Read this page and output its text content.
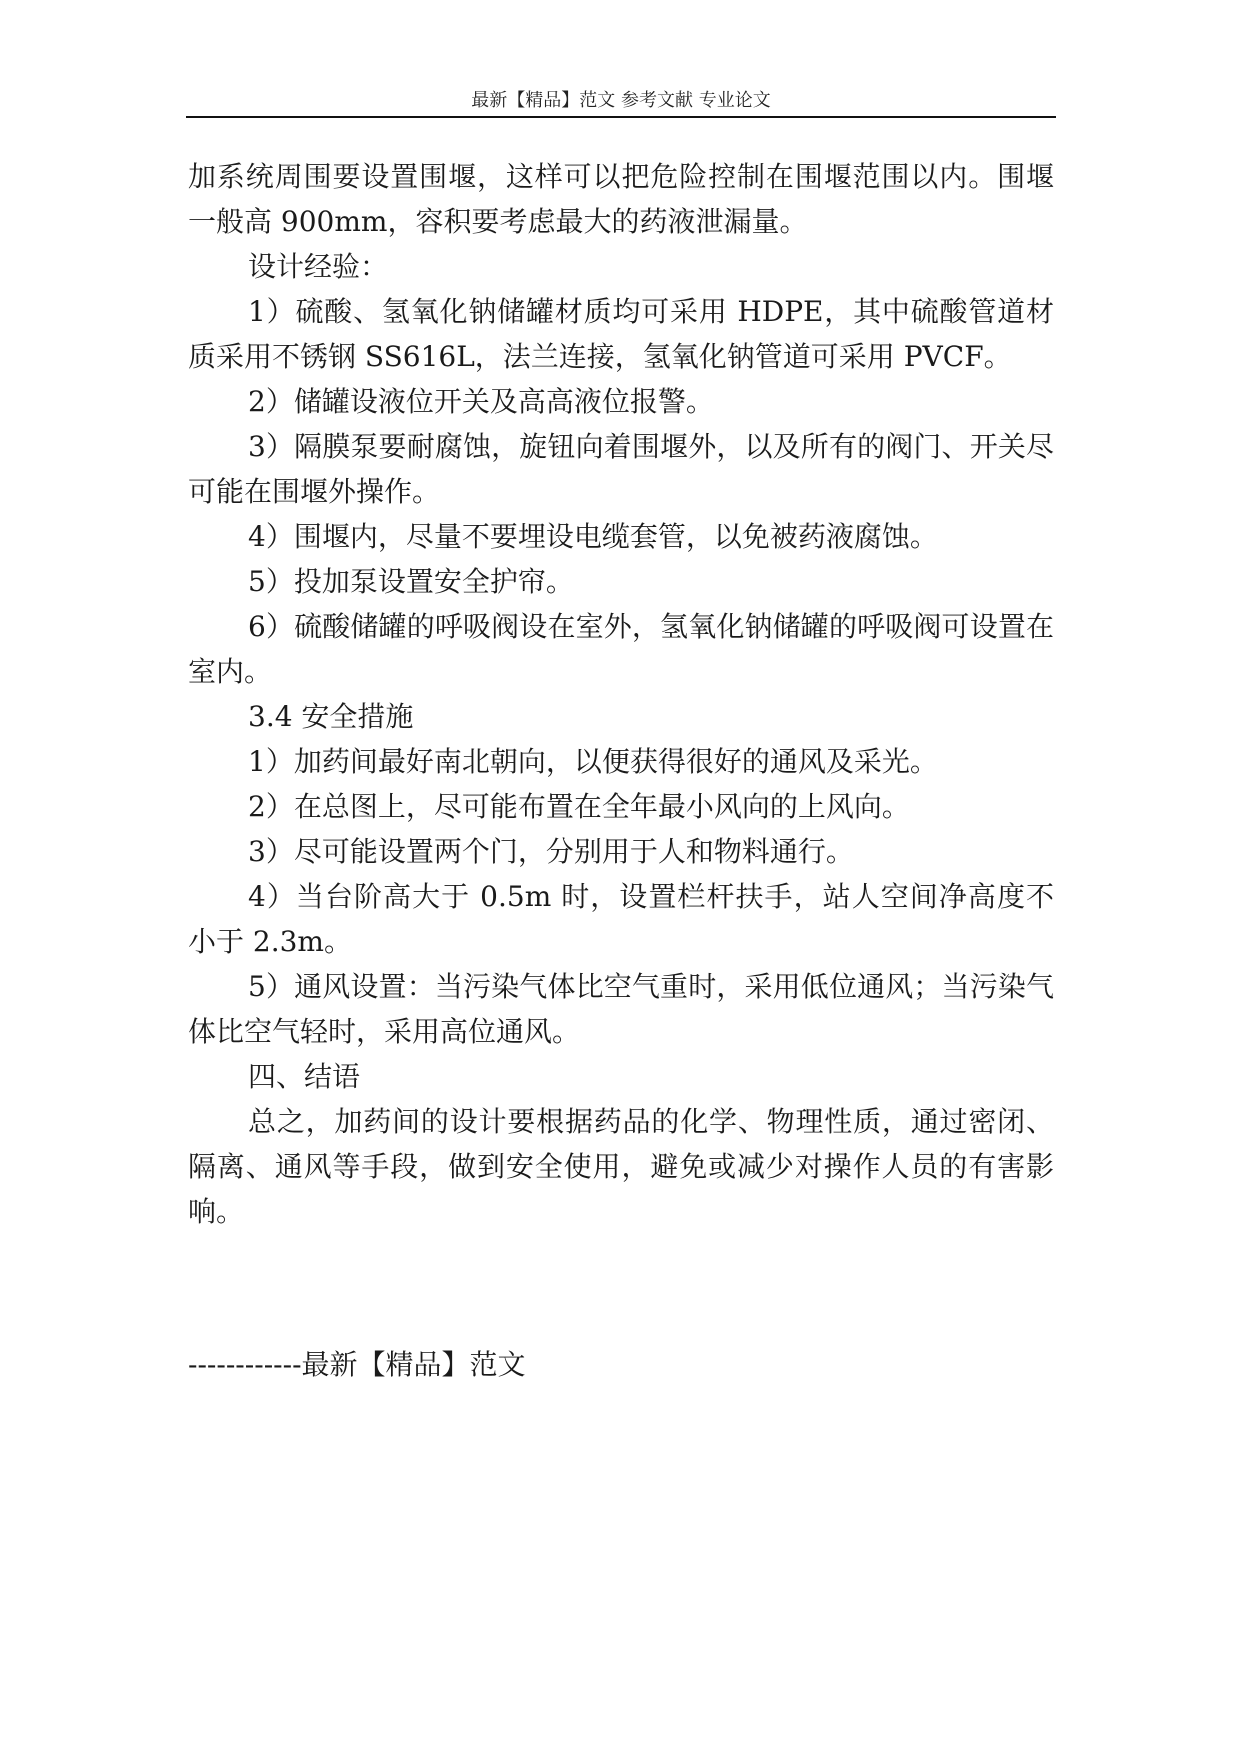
最新【精品】范文 参考文献 专业论文

加系统周围要设置围堰，这样可以把危险控制在围堰范围以内。围堰一般高 900mm，容积要考虑最大的药液泄漏量。

设计经验：

1）硫酸、氢氧化钠储罐材质均可采用 HDPE，其中硫酸管道材质采用不锈钢 SS616L，法兰连接，氢氧化钠管道可采用 PVCF。

2）储罐设液位开关及高高液位报警。

3）隔膜泵要耐腐蚀，旋钮向着围堰外，以及所有的阀门、开关尽可能在围堰外操作。

4）围堰内，尽量不要埋设电缆套管，以免被药液腐蚀。

5）投加泵设置安全护帘。

6）硫酸储罐的呼吸阀设在室外，氢氧化钠储罐的呼吸阀可设置在室内。

3.4 安全措施

1）加药间最好南北朝向，以便获得很好的通风及采光。

2）在总图上，尽可能布置在全年最小风向的上风向。

3）尽可能设置两个门，分别用于人和物料通行。

4）当台阶高大于 0.5m 时，设置栏杆扶手，站人空间净高度不小于 2.3m。

5）通风设置：当污染气体比空气重时，采用低位通风；当污染气体比空气轻时，采用高位通风。

四、结语

总之，加药间的设计要根据药品的化学、物理性质，通过密闭、隔离、通风等手段，做到安全使用，避免或减少对操作人员的有害影响。

------------最新【精品】范文
